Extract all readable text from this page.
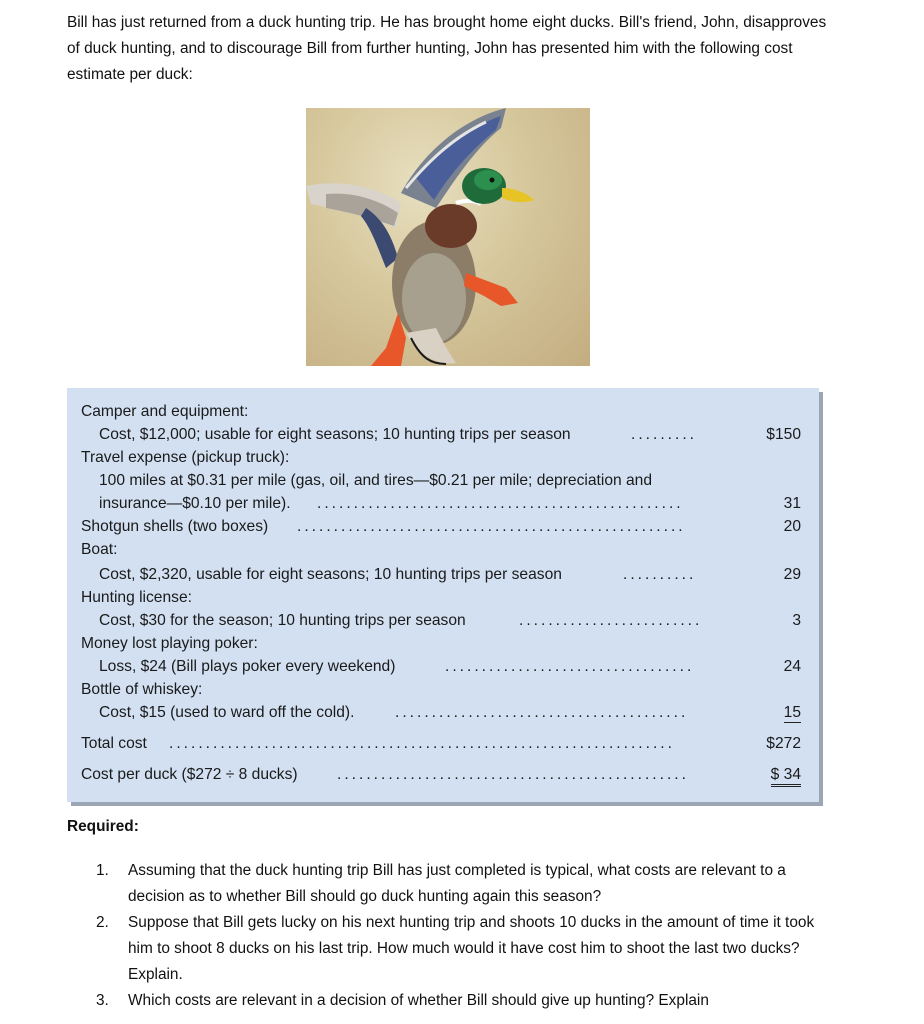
Bill has just returned from a duck hunting trip. He has brought home eight ducks. Bill's friend, John, disapproves of duck hunting, and to discourage Bill from further hunting, John has presented him with the following cost estimate per duck:

Camper and equipment:
Cost, $12,000; usable for eight seasons; 10 hunting trips per season	.........	$150
Travel expense (pickup truck):
100 miles at $0.31 per mile (gas, oil, and tires—$0.21 per mile; depreciation and
insurance—$0.10 per mile). ..................................................	31
Shotgun shells (two boxes) .....................................................	20
Boat:
Cost, $2,320, usable for eight seasons; 10 hunting trips per season	..........	29
Hunting license:
Cost, $30 for the season; 10 hunting trips per season	.........................	3
Money lost playing poker:
Loss, $24 (Bill plays poker every weekend)	..................................	24
Bottle of whiskey:
Cost, $15 (used to ward off the cold).	........................................	15
Total cost .....................................................................	$272
Cost per duck ($272 ÷ 8 ducks)	................................................	$ 34
Required:
1. Assuming that the duck hunting trip Bill has just completed is typical, what costs are relevant to a decision as to whether Bill should go duck hunting again this season?
2. Suppose that Bill gets lucky on his next hunting trip and shoots 10 ducks in the amount of time it took him to shoot 8 ducks on his last trip. How much would it have cost him to shoot the last two ducks? Explain.
3. Which costs are relevant in a decision of whether Bill should give up hunting? Explain
